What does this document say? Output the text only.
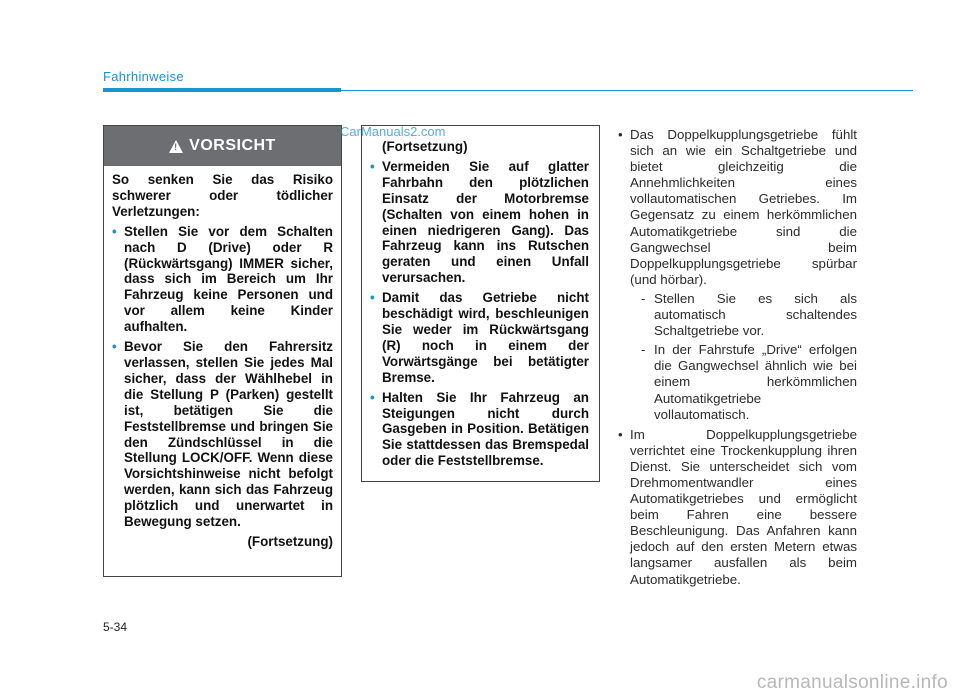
Fahrhinweise
!
VORSICHT
So senken Sie das Risiko schwerer oder tödlicher Verletzungen:
• Stellen Sie vor dem Schalten nach D (Drive) oder R (Rückwärtsgang) IMMER sicher, dass sich im Bereich um Ihr Fahrzeug keine Personen und vor allem keine Kinder aufhalten.
• Bevor Sie den Fahrersitz verlassen, stellen Sie jedes Mal sicher, dass der Wählhebel in die Stellung P (Parken) gestellt ist, betätigen Sie die Feststellbremse und bringen Sie den Zündschlüssel in die Stellung LOCK/OFF. Wenn diese Vorsichtshinweise nicht befolgt werden, kann sich das Fahrzeug plötzlich und unerwartet in Bewegung setzen.
(Fortsetzung)
(Fortsetzung)
• Vermeiden Sie auf glatter Fahrbahn den plötzlichen Einsatz der Motorbremse (Schalten von einem hohen in einen niedrigeren Gang). Das Fahrzeug kann ins Rutschen geraten und einen Unfall verursachen.
• Damit das Getriebe nicht beschädigt wird, beschleunigen Sie weder im Rückwärtsgang (R) noch in einem der Vorwärtsgänge bei betätigter Bremse.
• Halten Sie Ihr Fahrzeug an Steigungen nicht durch Gasgeben in Position. Betätigen Sie stattdessen das Bremspedal oder die Feststellbremse.
CarManuals2.com
•	Das Doppelkupplungsgetriebe fühlt sich an wie ein Schaltgetriebe und bietet gleichzeitig die Annehmlichkeiten eines vollautomatischen Getriebes. Im Gegensatz zu einem herkömmlichen Automatikgetriebe sind die Gangwechsel beim Doppelkupplungsgetriebe spürbar (und hörbar).
- Stellen Sie es sich als automatisch schaltendes Schaltgetriebe vor.
- In der Fahrstufe „Drive“ erfolgen die Gangwechsel ähnlich wie bei einem herkömmlichen Automatikgetriebe vollautomatisch.
• Im Doppelkupplungsgetriebe verrichtet eine Trockenkupplung ihren Dienst. Sie unterscheidet sich vom Drehmomentwandler eines Automatikgetriebes und ermöglicht beim Fahren eine bessere Beschleunigung. Das Anfahren kann jedoch auf den ersten Metern etwas langsamer ausfallen als beim Automatikgetriebe.
5-34
carmanualsonline.info
